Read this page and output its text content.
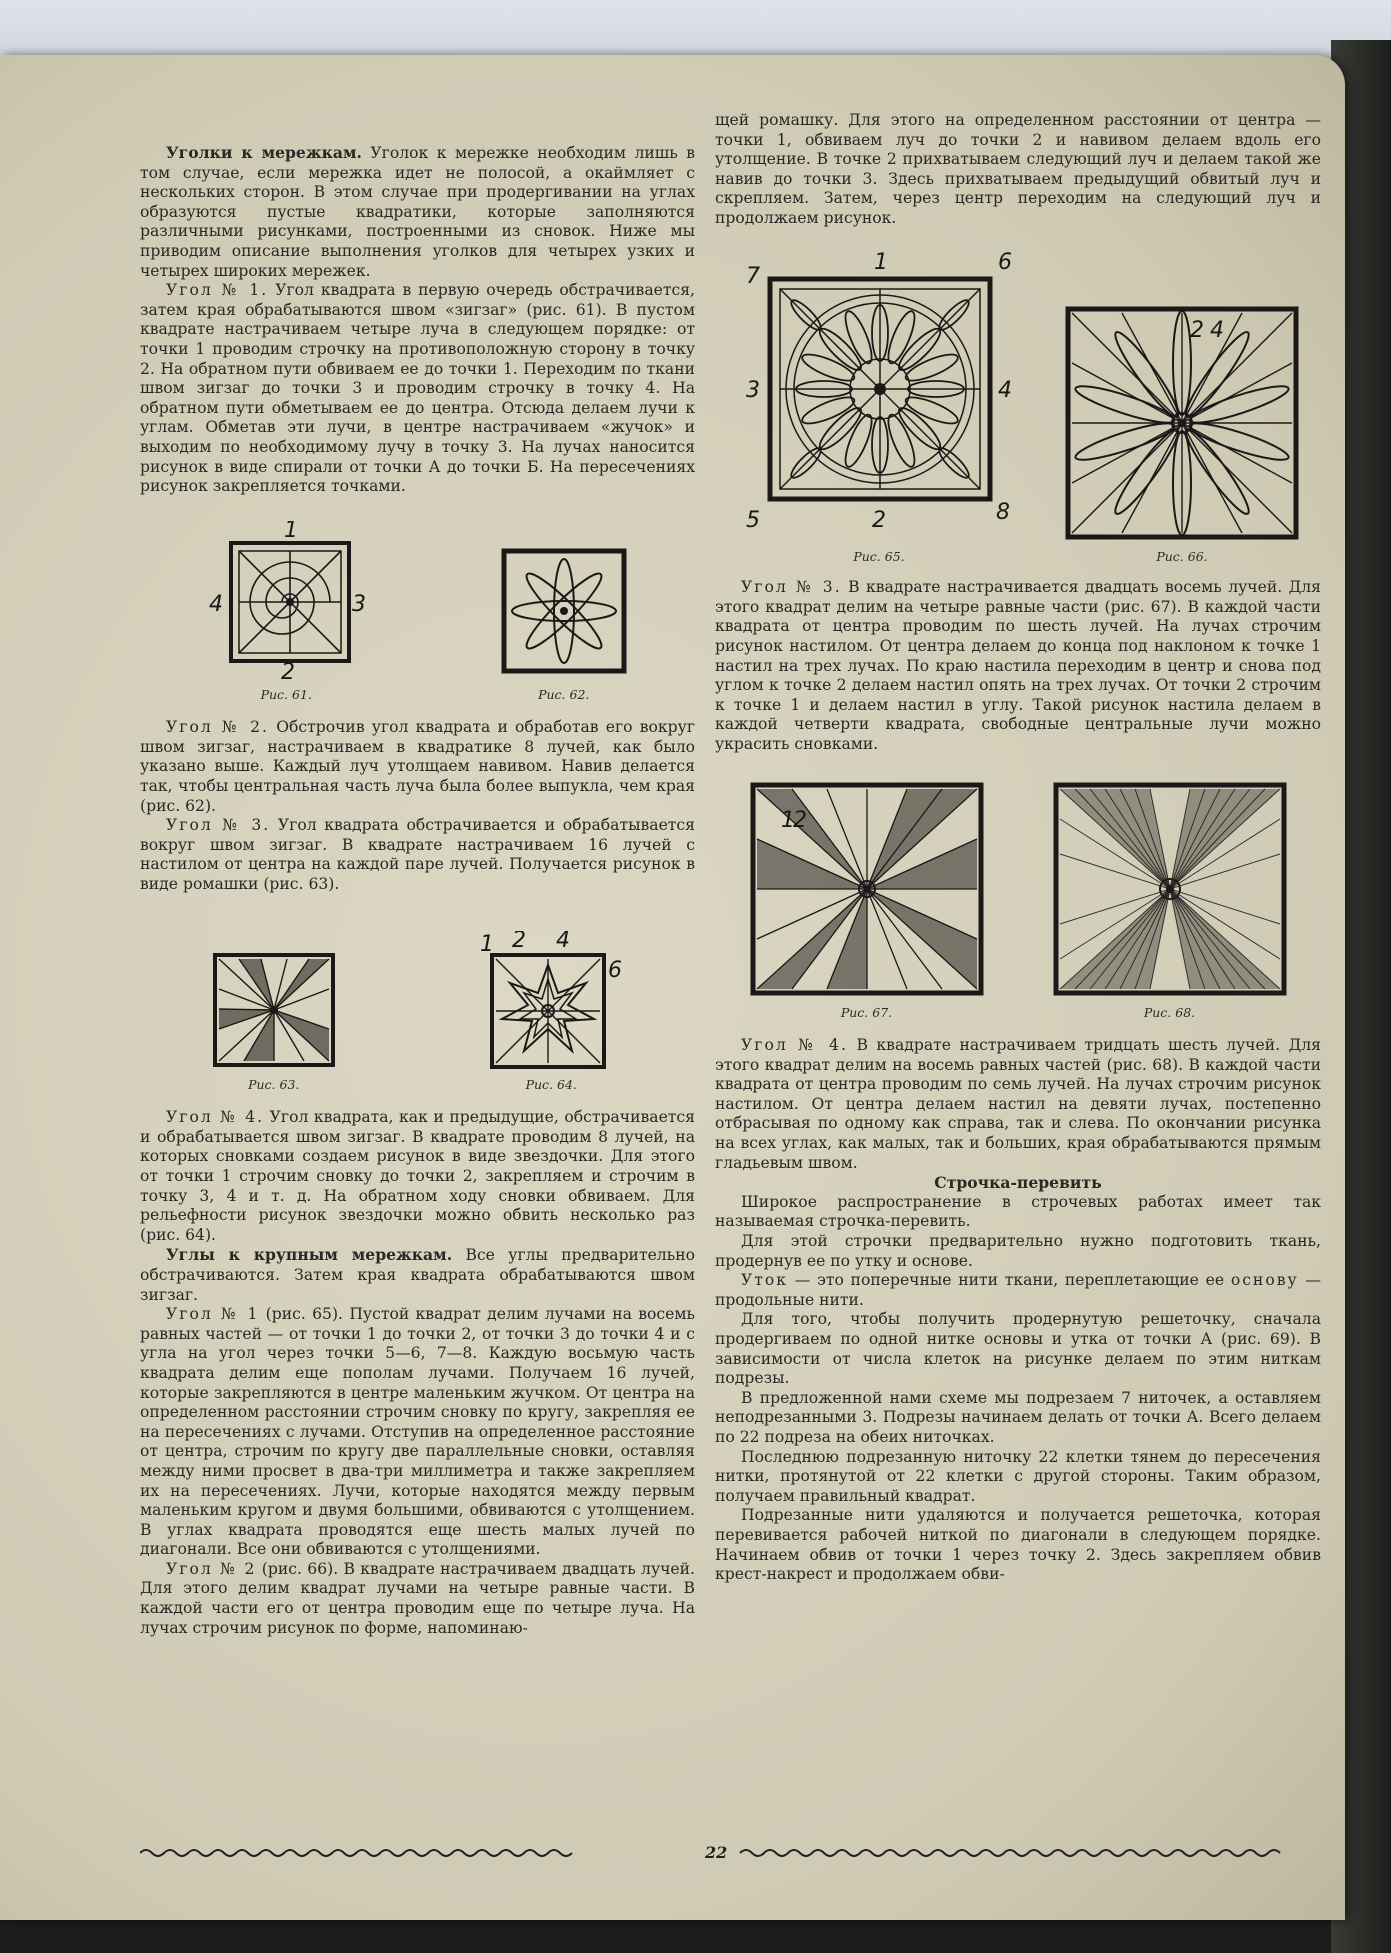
Уголки к мережкам. Уголок к мережке необходим лишь в том случае, если мережка идет не полосой, а окаймляет с нескольких сторон. В этом случае при продергивании на углах образуются пустые квадратики, которые заполняются различными рисунками, построенными из сновок. Ниже мы приводим описание выполнения уголков для четырех узких и четырех широких мережек.

Угол № 1. Угол квадрата в первую очередь обстрачивается, затем края обрабатываются швом «зигзаг» (рис. 61). В пустом квадрате настрачиваем четыре луча в следующем порядке: от точки 1 проводим строчку на противоположную сторону в точку 2. На обратном пути обвиваем ее до точки 1. Переходим по ткани швом зигзаг до точки 3 и проводим строчку в точку 4. На обратном пути обметываем ее до центра. Отсюда делаем лучи к углам. Обметав эти лучи, в центре настрачиваем «жучок» и выходим по необходимому лучу в точку 3. На лучах наносится рисунок в виде спирали от точки А до точки Б. На пересечениях рисунок закрепляется точками.

1
2
3
4
Рис. 61.	Рис. 62.

Угол № 2. Обстрочив угол квадрата и обработав его вокруг швом зигзаг, настрачиваем в квадратике 8 лучей, как было указано выше. Каждый луч утолщаем навивом. Навив делается так, чтобы центральная часть луча была более выпукла, чем края (рис. 62).

Угол № 3. Угол квадрата обстрачивается и обрабатывается вокруг швом зигзаг. В квадрате настрачиваем 16 лучей с настилом от центра на каждой паре лучей. Получается рисунок в виде ромашки (рис. 63).

Рис. 63.
1 2 4
6
Рис. 64.

Угол № 4. Угол квадрата, как и предыдущие, обстрачивается и обрабатывается швом зигзаг. В квадрате проводим 8 лучей, на которых сновками создаем рисунок в виде звездочки. Для этого от точки 1 строчим сновку до точки 2, закрепляем и строчим в точку 3, 4 и т. д. На обратном ходу сновки обвиваем. Для рельефности рисунок звездочки можно обвить несколько раз (рис. 64).

Углы к крупным мережкам. Все углы предварительно обстрачиваются. Затем края квадрата обрабатываются швом зигзаг.

Угол № 1 (рис. 65). Пустой квадрат делим лучами на восемь равных частей — от точки 1 до точки 2, от точки 3 до точки 4 и с угла на угол через точки 5—6, 7—8. Каждую восьмую часть квадрата делим еще пополам лучами. Получаем 16 лучей, которые закрепляются в центре маленьким жучком. От центра на определенном расстоянии строчим сновку по кругу, закрепляя ее на пересечениях с лучами. Отступив на определенное расстояние от центра, строчим по кругу две параллельные сновки, оставляя между ними просвет в два-три миллиметра и также закрепляем их на пересечениях. Лучи, которые находятся между первым маленьким кругом и двумя большими, обвиваются с утолщением. В углах квадрата проводятся еще шесть малых лучей по диагонали. Все они обвиваются с утолщениями.

Угол № 2 (рис. 66). В квадрате настрачиваем двадцать лучей. Для этого делим квадрат лучами на четыре равные части. В каждой части его от центра проводим еще по четыре луча. На лучах строчим рисунок по форме, напоминаю-

щей ромашку. Для этого на определенном расстоянии от центра — точки 1, обвиваем луч до точки 2 и навивом делаем вдоль его утолщение. В точке 2 прихватываем следующий луч и делаем такой же навив до точки 3. Здесь прихватываем предыдущий обвитый луч и скрепляем. Затем, через центр переходим на следующий луч и продолжаем рисунок.

1
2
3	4
5
6
7
8
Рис. 65.
2 4
Рис. 66.

Угол № 3. В квадрате настрачивается двадцать восемь лучей. Для этого квадрат делим на четыре равные части (рис. 67). В каждой части квадрата от центра проводим по шесть лучей. На лучах строчим рисунок настилом. От центра делаем до конца под наклоном к точке 1 настил на трех лучах. По краю настила переходим в центр и снова под углом к точке 2 делаем настил опять на трех лучах. От точки 2 строчим к точке 1 и делаем настил в углу. Такой рисунок настила делаем в каждой четверти квадрата, свободные центральные лучи можно украсить сновками.

1
2
Рис. 67.	Рис. 68.

Угол № 4. В квадрате настрачиваем тридцать шесть лучей. Для этого квадрат делим на восемь равных частей (рис. 68). В каждой части квадрата от центра проводим по семь лучей. На лучах строчим рисунок настилом. От центра делаем настил на девяти лучах, постепенно отбрасывая по одному как справа, так и слева. По окончании рисунка на всех углах, как малых, так и больших, края обрабатываются прямым гладьевым швом.

Строчка-перевить

Широкое распространение в строчевых работах имеет так называемая строчка-перевить.

Для этой строчки предварительно нужно подготовить ткань, продернув ее по утку и основе.

Уток — это поперечные нити ткани, переплетающие ее основу — продольные нити.

Для того, чтобы получить продернутую решеточку, сначала продергиваем по одной нитке основы и утка от точки А (рис. 69). В зависимости от числа клеток на рисунке делаем по этим ниткам подрезы.

В предложенной нами схеме мы подрезаем 7 ниточек, а оставляем неподрезанными 3. Подрезы начинаем делать от точки А. Всего делаем по 22 подреза на обеих ниточках.

Последнюю подрезанную ниточку 22 клетки тянем до пересечения нитки, протянутой от 22 клетки с другой стороны. Таким образом, получаем правильный квадрат.

Подрезанные нити удаляются и получается решеточка, которая перевивается рабочей ниткой по диагонали в следующем порядке. Начинаем обвив от точки 1 через точку 2. Здесь закрепляем обвив крест-накрест и продолжаем обви-

22
